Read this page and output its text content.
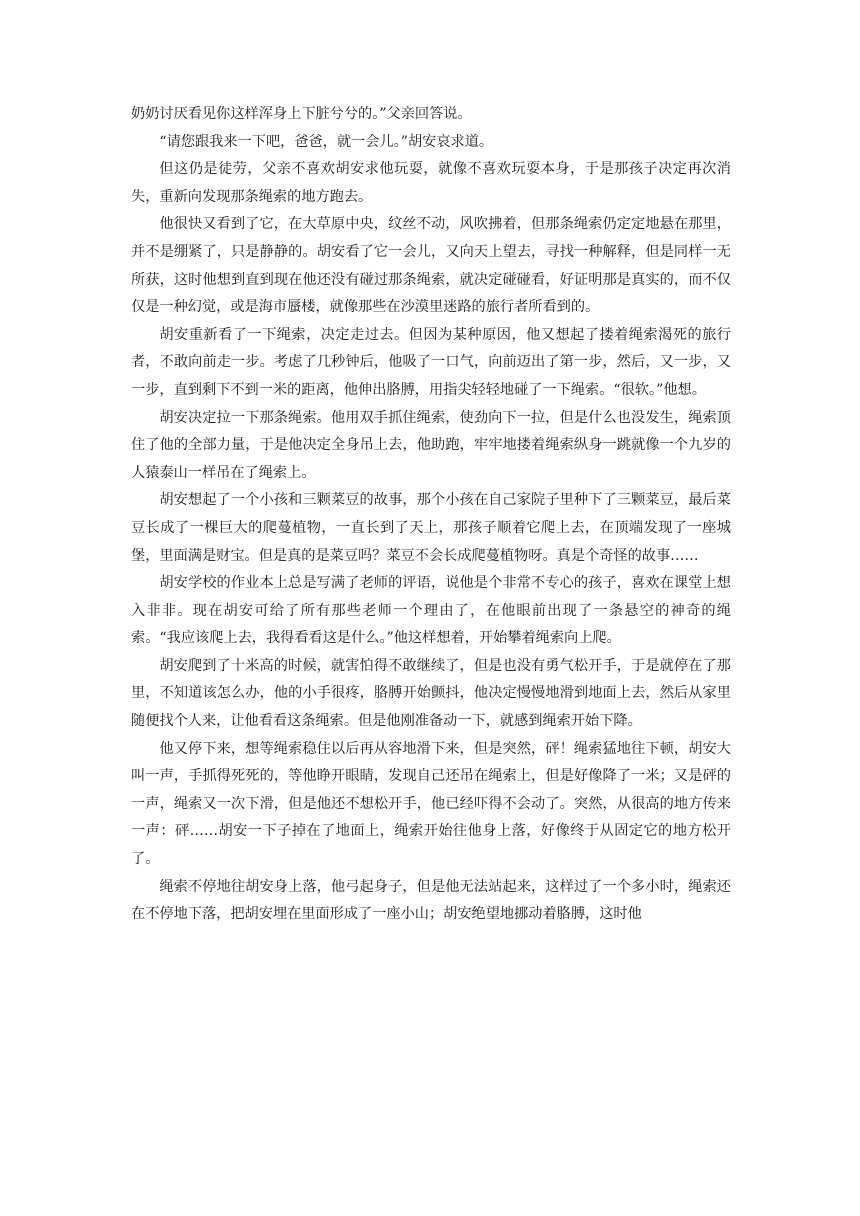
奶奶讨厌看见你这样浑身上下脏兮兮的。”父亲回答说。

“请您跟我来一下吧，爸爸，就一会儿。”胡安哀求道。

但这仍是徒劳，父亲不喜欢胡安求他玩耍，就像不喜欢玩耍本身，于是那孩子决定再次消失，重新向发现那条绳索的地方跑去。

他很快又看到了它，在大草原中央，纹丝不动，风吹拂着，但那条绳索仍定定地悬在那里，并不是绷紧了，只是静静的。胡安看了它一会儿，又向天上望去，寻找一种解释，但是同样一无所获，这时他想到直到现在他还没有碰过那条绳索，就决定碰碰看，好证明那是真实的，而不仅仅是一种幻觉，或是海市蜃楼，就像那些在沙漠里迷路的旅行者所看到的。

胡安重新看了一下绳索，决定走过去。但因为某种原因，他又想起了搂着绳索渴死的旅行者，不敢向前走一步。考虑了几秒钟后，他吸了一口气，向前迈出了第一步，然后，又一步，又一步，直到剩下不到一米的距离，他伸出胳膊，用指尖轻轻地碰了一下绳索。“很软。”他想。

胡安决定拉一下那条绳索。他用双手抓住绳索，使劲向下一拉，但是什么也没发生，绳索顶住了他的全部力量，于是他决定全身吊上去，他助跑，牢牢地搂着绳索纵身一跳就像一个九岁的人猿泰山一样吊在了绳索上。

胡安想起了一个小孩和三颗菜豆的故事，那个小孩在自己家院子里种下了三颗菜豆，最后菜豆长成了一棵巨大的爬蔓植物，一直长到了天上，那孩子顺着它爬上去，在顶端发现了一座城堡，里面满是财宝。但是真的是菜豆吗？菜豆不会长成爬蔓植物呀。真是个奇怪的故事……

胡安学校的作业本上总是写满了老师的评语，说他是个非常不专心的孩子，喜欢在课堂上想入非非。现在胡安可给了所有那些老师一个理由了，在他眼前出现了一条悬空的神奇的绳索。“我应该爬上去，我得看看这是什么。”他这样想着，开始攀着绳索向上爬。

胡安爬到了十米高的时候，就害怕得不敢继续了，但是也没有勇气松开手，于是就停在了那里，不知道该怎么办，他的小手很疼，胳膊开始颤抖，他决定慢慢地滑到地面上去，然后从家里随便找个人来，让他看看这条绳索。但是他刚准备动一下，就感到绳索开始下降。

他又停下来，想等绳索稳住以后再从容地滑下来，但是突然，砰！绳索猛地往下顿，胡安大叫一声，手抓得死死的，等他睁开眼睛，发现自己还吊在绳索上，但是好像降了一米；又是砰的一声，绳索又一次下滑，但是他还不想松开手，他已经吓得不会动了。突然，从很高的地方传来一声：砰……胡安一下子掉在了地面上，绳索开始往他身上落，好像终于从固定它的地方松开了。

绳索不停地往胡安身上落，他弓起身子，但是他无法站起来，这样过了一个多小时，绳索还在不停地下落，把胡安埋在里面形成了一座小山；胡安绝望地挪动着胳膊，这时他
